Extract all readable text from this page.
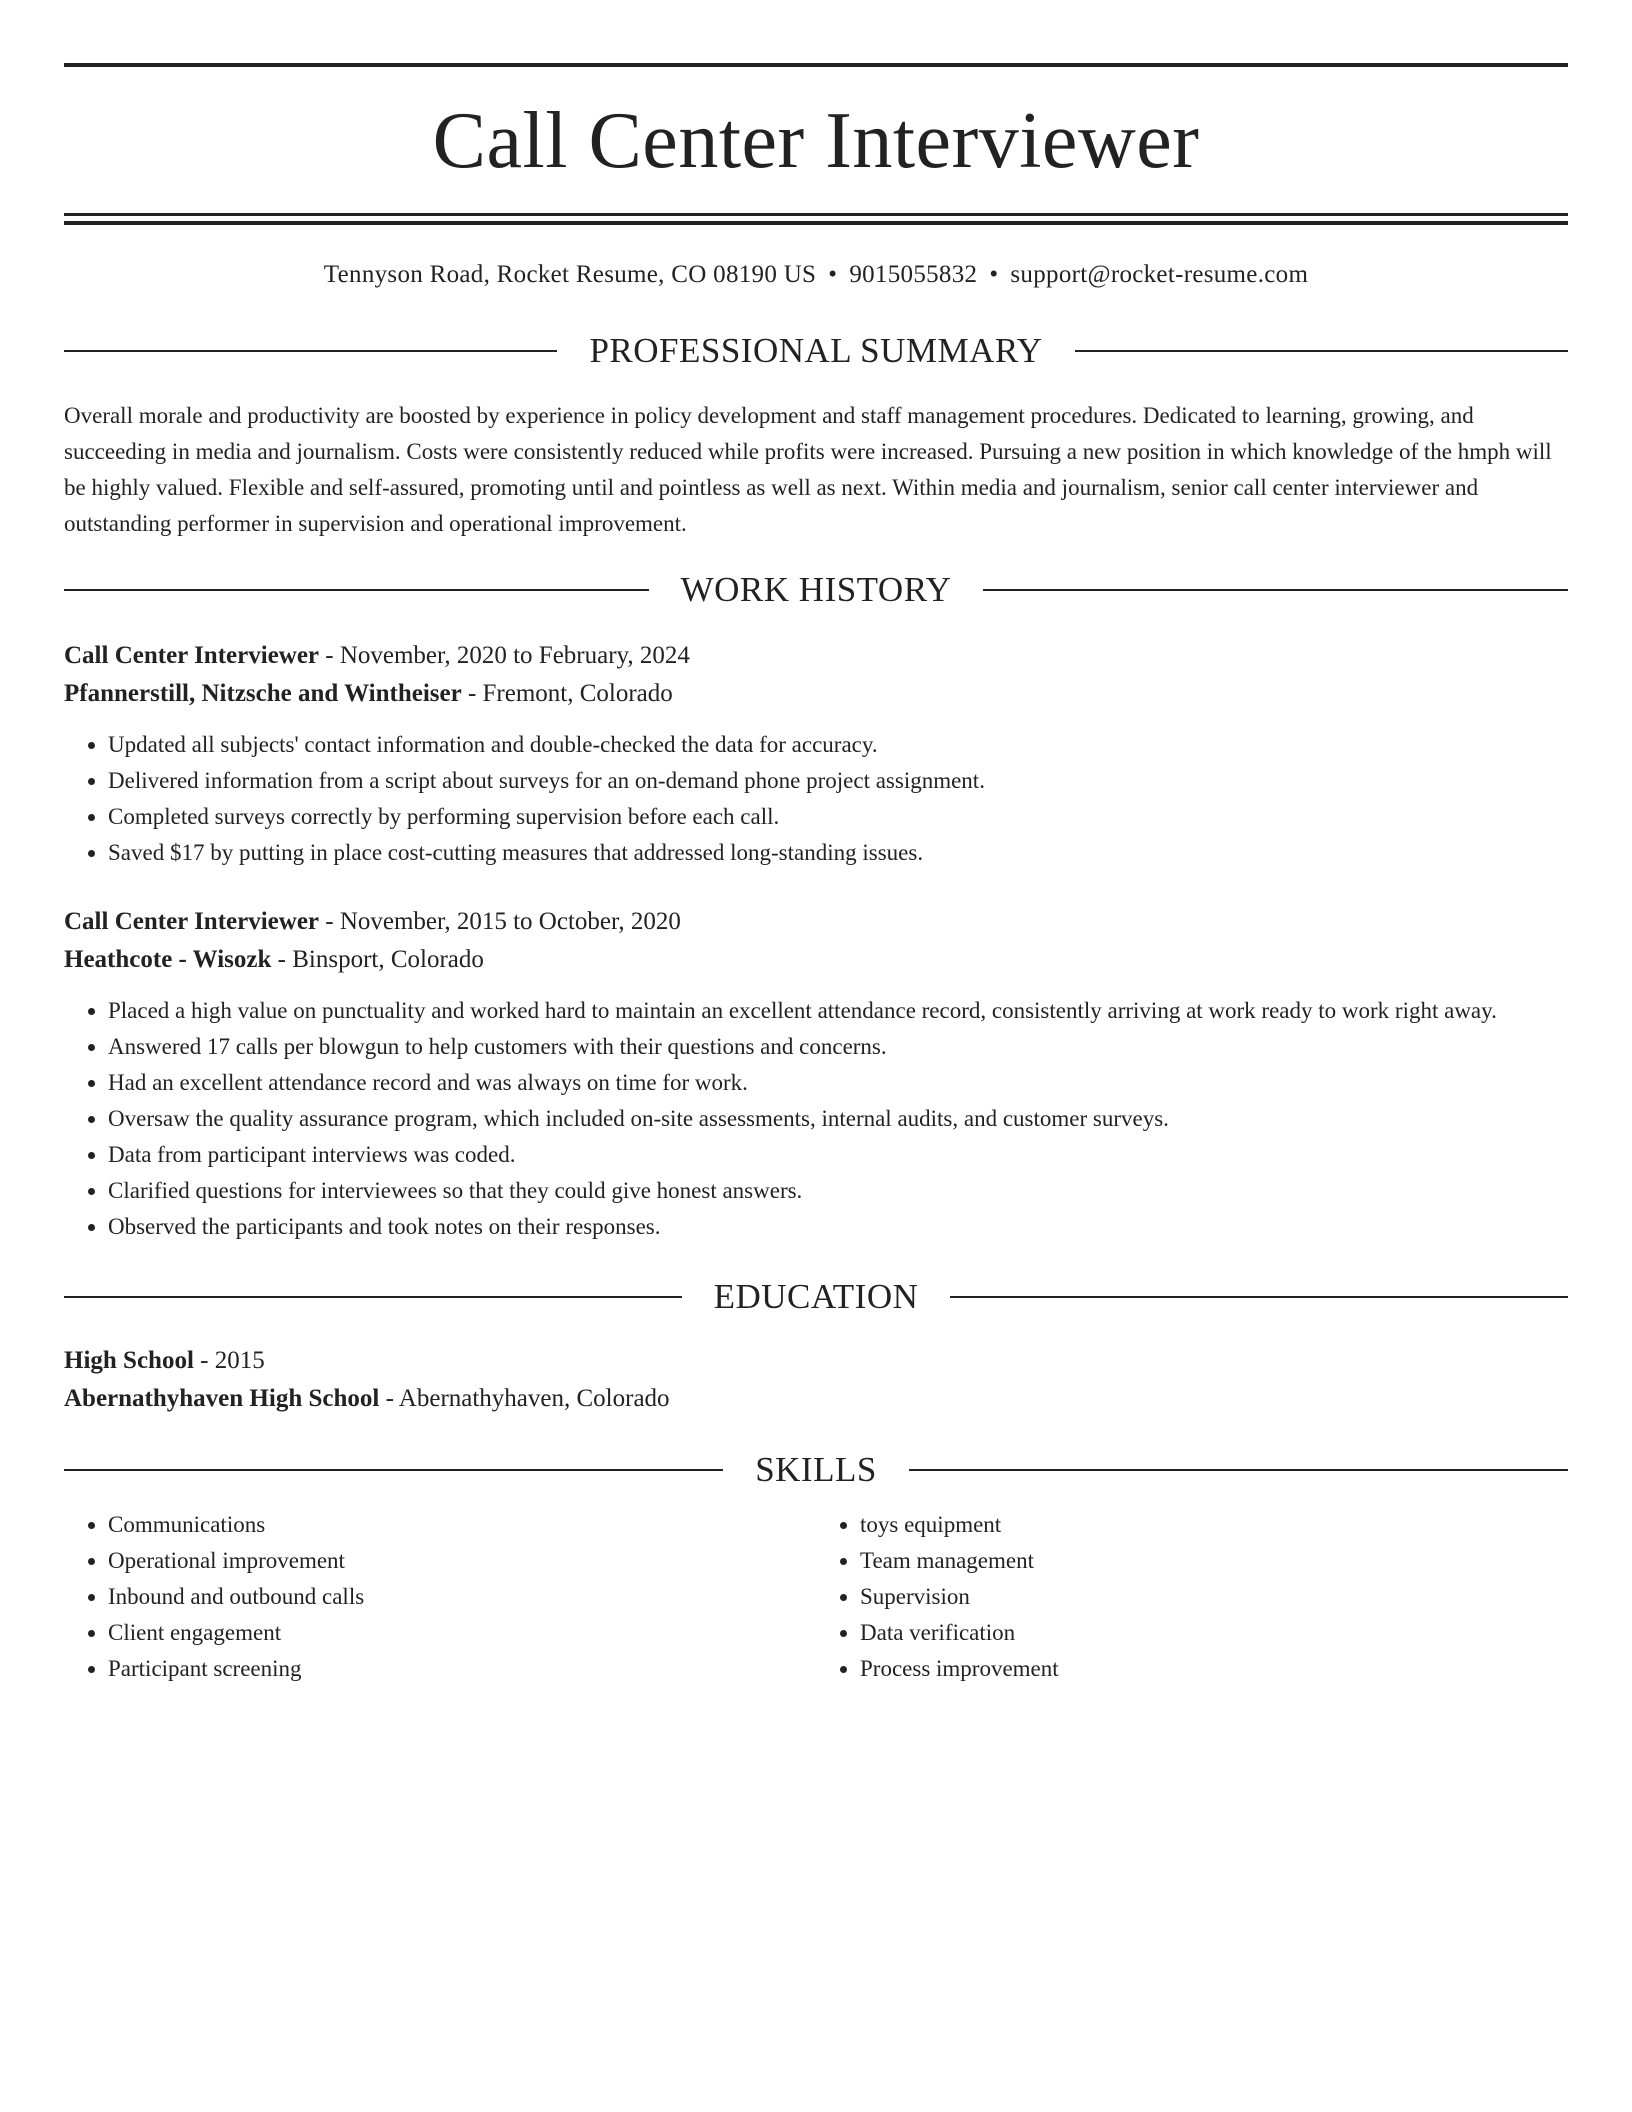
Call Center Interviewer
Tennyson Road, Rocket Resume, CO 08190 US • 9015055832 • support@rocket-resume.com
PROFESSIONAL SUMMARY

Overall morale and productivity are boosted by experience in policy development and staff management procedures. Dedicated to learning, growing, and succeeding in media and journalism. Costs were consistently reduced while profits were increased. Pursuing a new position in which knowledge of the hmph will be highly valued. Flexible and self-assured, promoting until and pointless as well as next. Within media and journalism, senior call center interviewer and outstanding performer in supervision and operational improvement.

WORK HISTORY
Call Center Interviewer - November, 2020 to February, 2024
Pfannerstill, Nitzsche and Wintheiser - Fremont, Colorado
• Updated all subjects' contact information and double-checked the data for accuracy.
• Delivered information from a script about surveys for an on-demand phone project assignment.
• Completed surveys correctly by performing supervision before each call.
• Saved $17 by putting in place cost-cutting measures that addressed long-standing issues.
Call Center Interviewer - November, 2015 to October, 2020
Heathcote - Wisozk - Binsport, Colorado
• Placed a high value on punctuality and worked hard to maintain an excellent attendance record, consistently arriving at work ready to work right away.
• Answered 17 calls per blowgun to help customers with their questions and concerns.
• Had an excellent attendance record and was always on time for work.
• Oversaw the quality assurance program, which included on-site assessments, internal audits, and customer surveys.
• Data from participant interviews was coded.
• Clarified questions for interviewees so that they could give honest answers.
• Observed the participants and took notes on their responses.
EDUCATION
High School - 2015
Abernathyhaven High School - Abernathyhaven, Colorado
SKILLS
• Communications
• Operational improvement
• Inbound and outbound calls
• Client engagement
• Participant screening
• toys equipment
• Team management
• Supervision
• Data verification
• Process improvement
